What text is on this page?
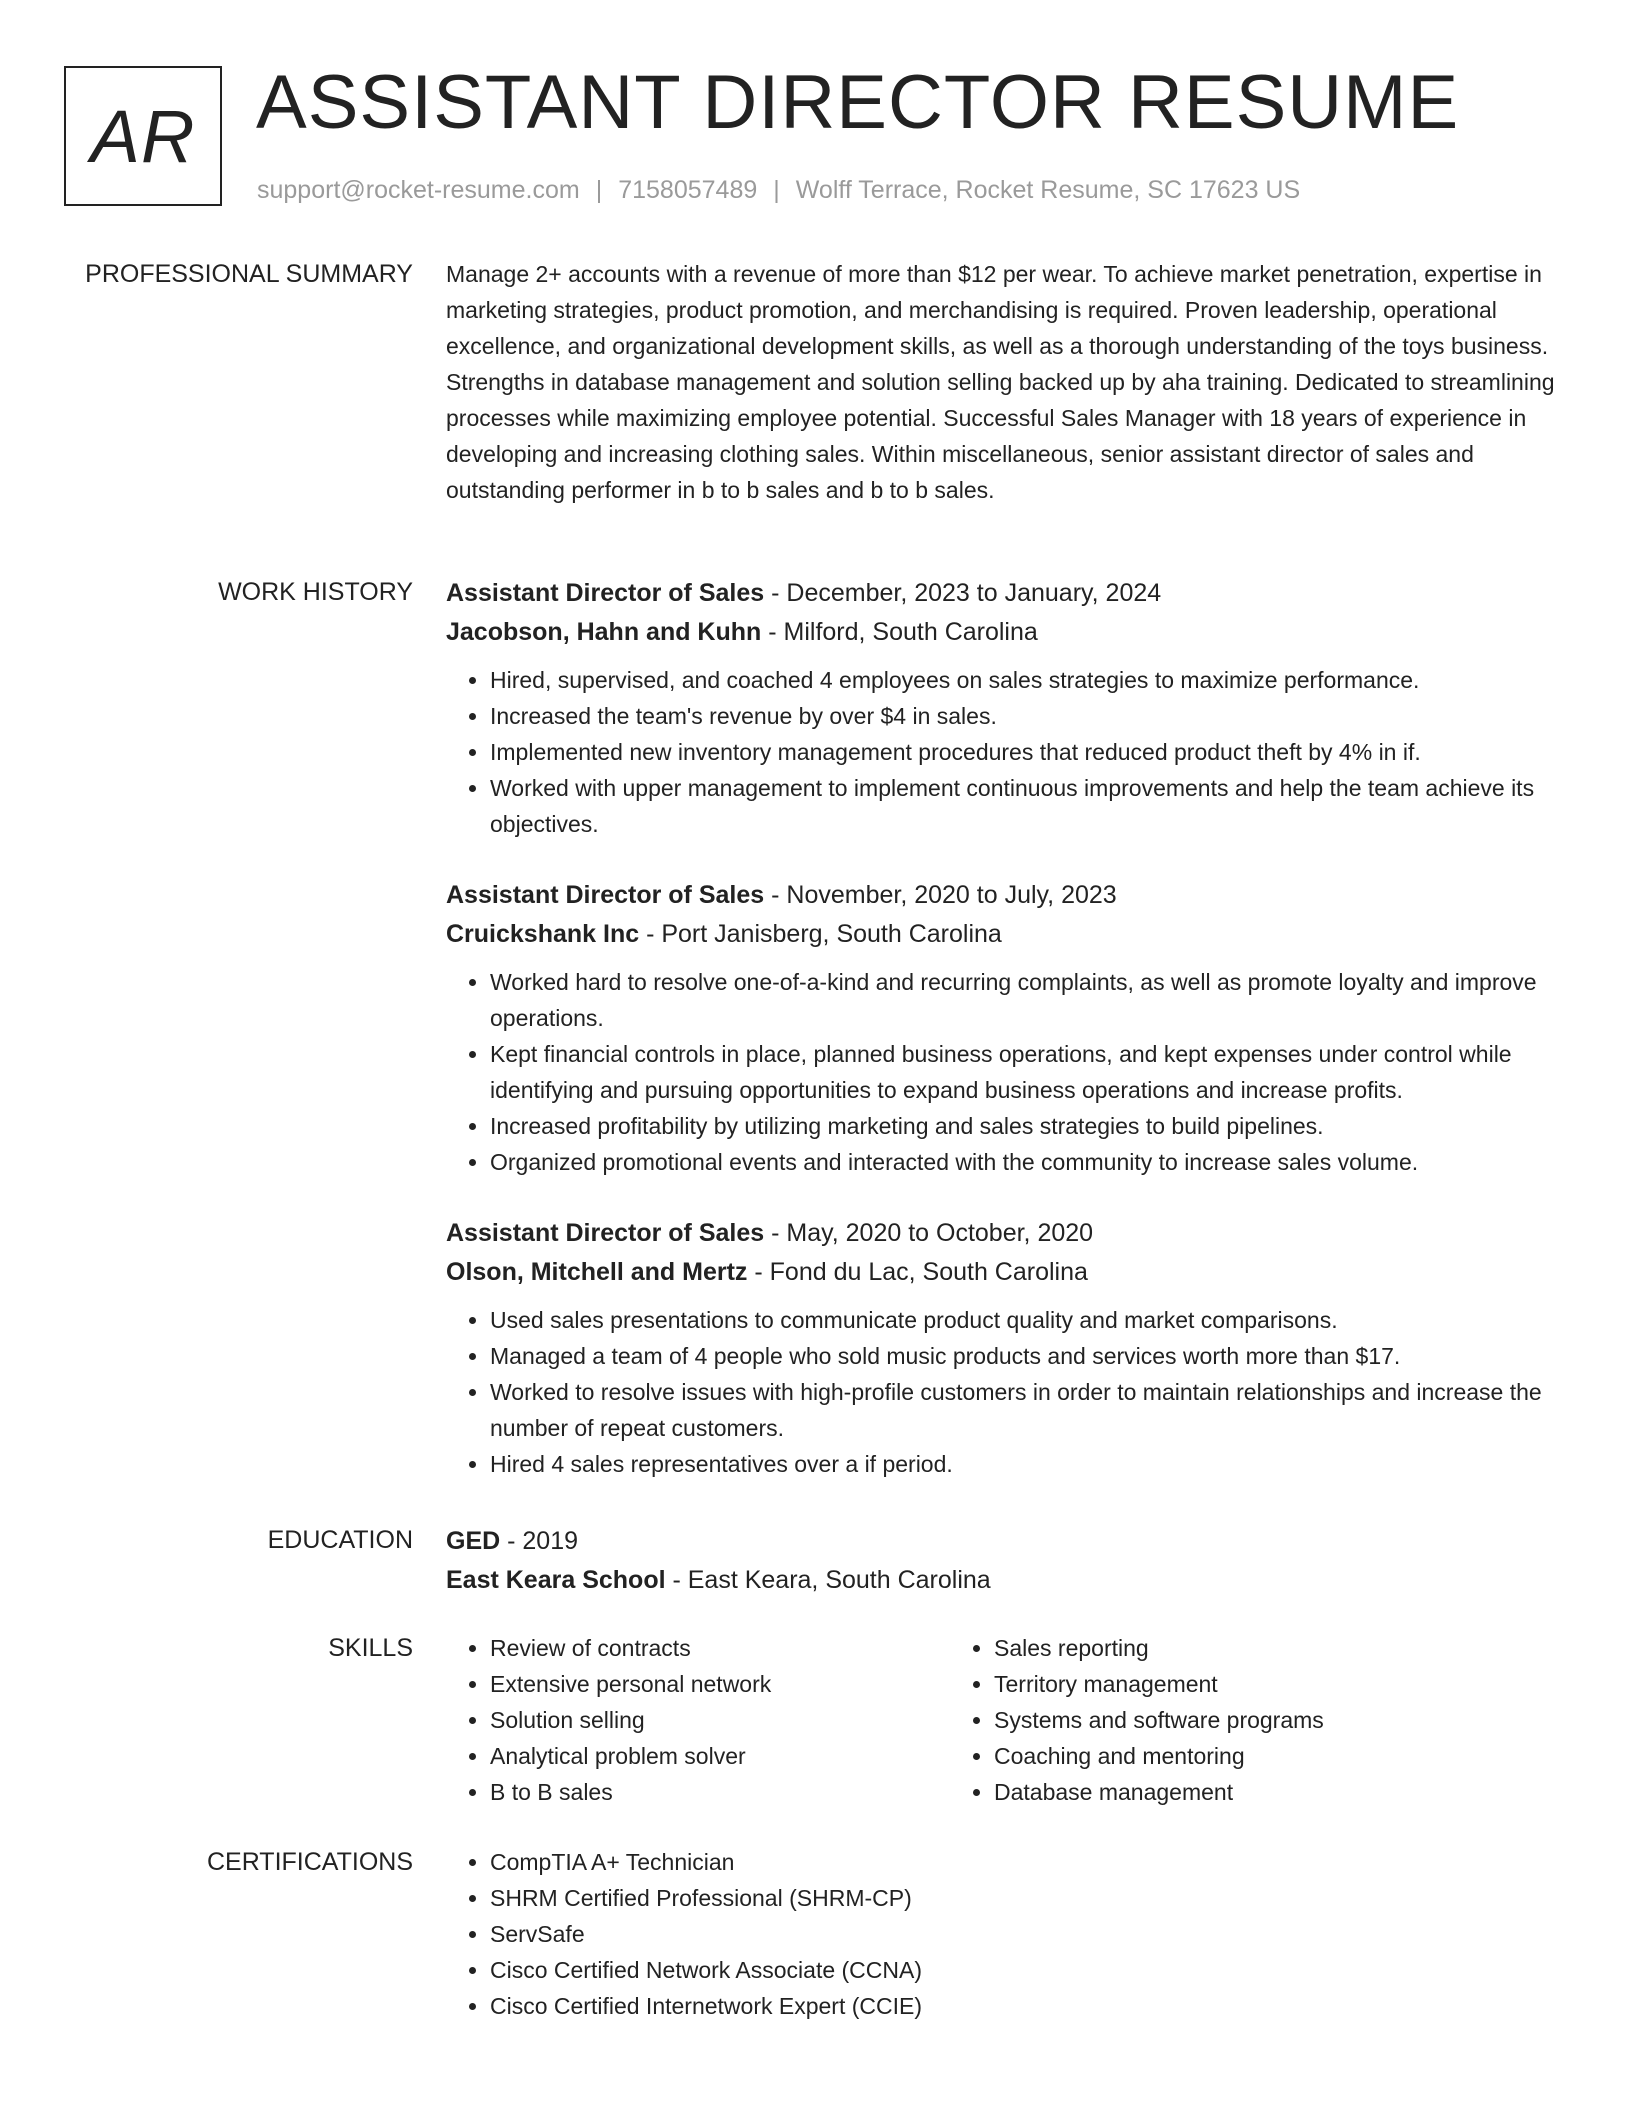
AR ASSISTANT DIRECTOR RESUME
support@rocket-resume.com | 7158057489 | Wolff Terrace, Rocket Resume, SC 17623 US
PROFESSIONAL SUMMARY Manage 2+ accounts with a revenue of more than $12 per wear. To achieve market penetration, expertise in marketing strategies, product promotion, and merchandising is required. Proven leadership, operational excellence, and organizational development skills, as well as a thorough understanding of the toys business. Strengths in database management and solution selling backed up by aha training. Dedicated to streamlining processes while maximizing employee potential. Successful Sales Manager with 18 years of experience in developing and increasing clothing sales. Within miscellaneous, senior assistant director of sales and outstanding performer in b to b sales and b to b sales.

WORK HISTORY Assistant Director of Sales - December, 2023 to January, 2024

Jacobson, Hahn and Kuhn - Milford, South Carolina

• Hired, supervised, and coached 4 employees on sales strategies to maximize performance.
• Increased the team's revenue by over $4 in sales.
• Implemented new inventory management procedures that reduced product theft by 4% in if.
• Worked with upper management to implement continuous improvements and help the team achieve its objectives.

Assistant Director of Sales - November, 2020 to July, 2023

Cruickshank Inc - Port Janisberg, South Carolina

• Worked hard to resolve one-of-a-kind and recurring complaints, as well as promote loyalty and improve operations.
• Kept financial controls in place, planned business operations, and kept expenses under control while identifying and pursuing opportunities to expand business operations and increase profits.
• Increased profitability by utilizing marketing and sales strategies to build pipelines.
• Organized promotional events and interacted with the community to increase sales volume.

Assistant Director of Sales - May, 2020 to October, 2020

Olson, Mitchell and Mertz - Fond du Lac, South Carolina

• Used sales presentations to communicate product quality and market comparisons.
• Managed a team of 4 people who sold music products and services worth more than $17.
• Worked to resolve issues with high-profile customers in order to maintain relationships and increase the number of repeat customers.
• Hired 4 sales representatives over a if period.
EDUCATION GED - 2019

East Keara School - East Keara, South Carolina

SKILLS	• Review of contracts
• Extensive personal network
• Solution selling
• Analytical problem solver
• B to B sales
• Sales reporting
• Territory management
• Systems and software programs
• Coaching and mentoring
• Database management
CERTIFICATIONS	• CompTIA A+ Technician
• SHRM Certified Professional (SHRM-CP)
• ServSafe
• Cisco Certified Network Associate (CCNA)
• Cisco Certified Internetwork Expert (CCIE)
